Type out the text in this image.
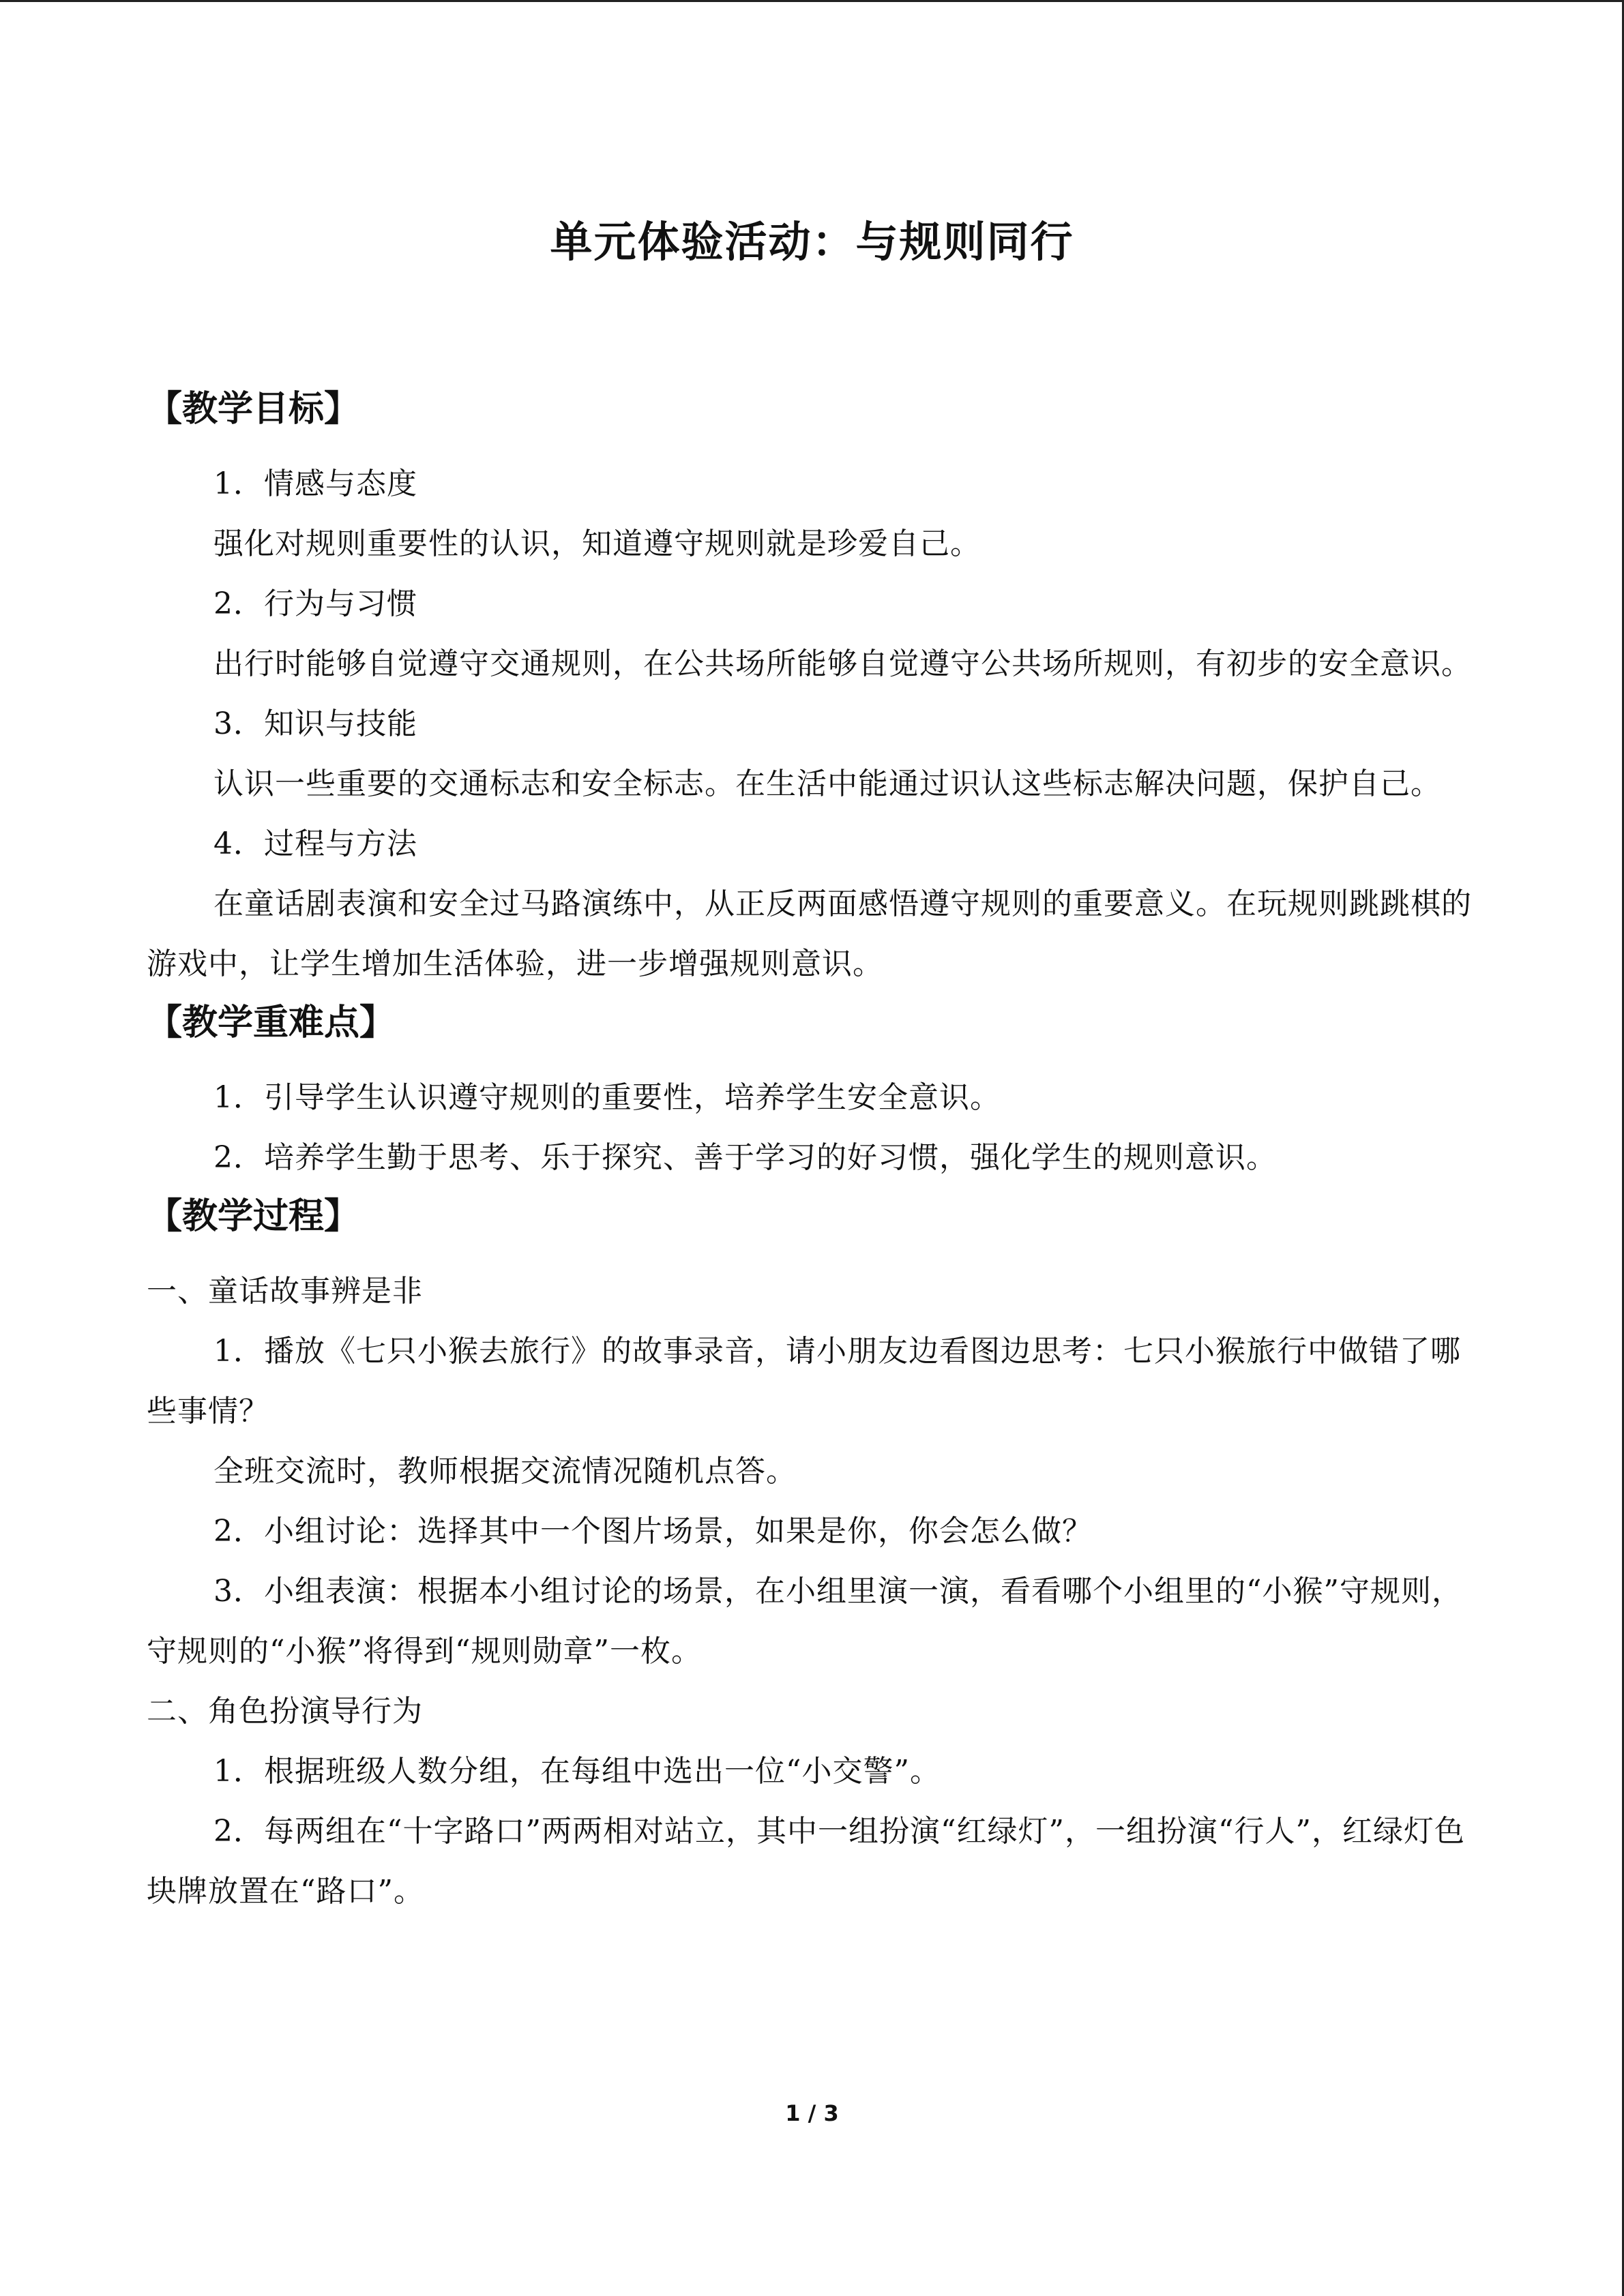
单元体验活动：与规则同行
【教学目标】

1．情感与态度

强化对规则重要性的认识，知道遵守规则就是珍爱自己。

2．行为与习惯

出行时能够自觉遵守交通规则，在公共场所能够自觉遵守公共场所规则，有初步的安全意识。

3．知识与技能

认识一些重要的交通标志和安全标志。在生活中能通过识认这些标志解决问题，保护自己。

4．过程与方法

在童话剧表演和安全过马路演练中，从正反两面感悟遵守规则的重要意义。在玩规则跳跳棋的游戏中，让学生增加生活体验，进一步增强规则意识。

【教学重难点】

1．引导学生认识遵守规则的重要性，培养学生安全意识。

2．培养学生勤于思考、乐于探究、善于学习的好习惯，强化学生的规则意识。

【教学过程】

一、童话故事辨是非

1．播放《七只小猴去旅行》的故事录音，请小朋友边看图边思考：七只小猴旅行中做错了哪些事情？

全班交流时，教师根据交流情况随机点答。

2．小组讨论：选择其中一个图片场景，如果是你，你会怎么做？

3．小组表演：根据本小组讨论的场景，在小组里演一演，看看哪个小组里的“小猴”守规则，守规则的“小猴”将得到“规则勋章”一枚。

二、角色扮演导行为

1．根据班级人数分组，在每组中选出一位“小交警”。

2．每两组在“十字路口”两两相对站立，其中一组扮演“红绿灯”，一组扮演“行人”，红绿灯色块牌放置在“路口”。

1 / 3
